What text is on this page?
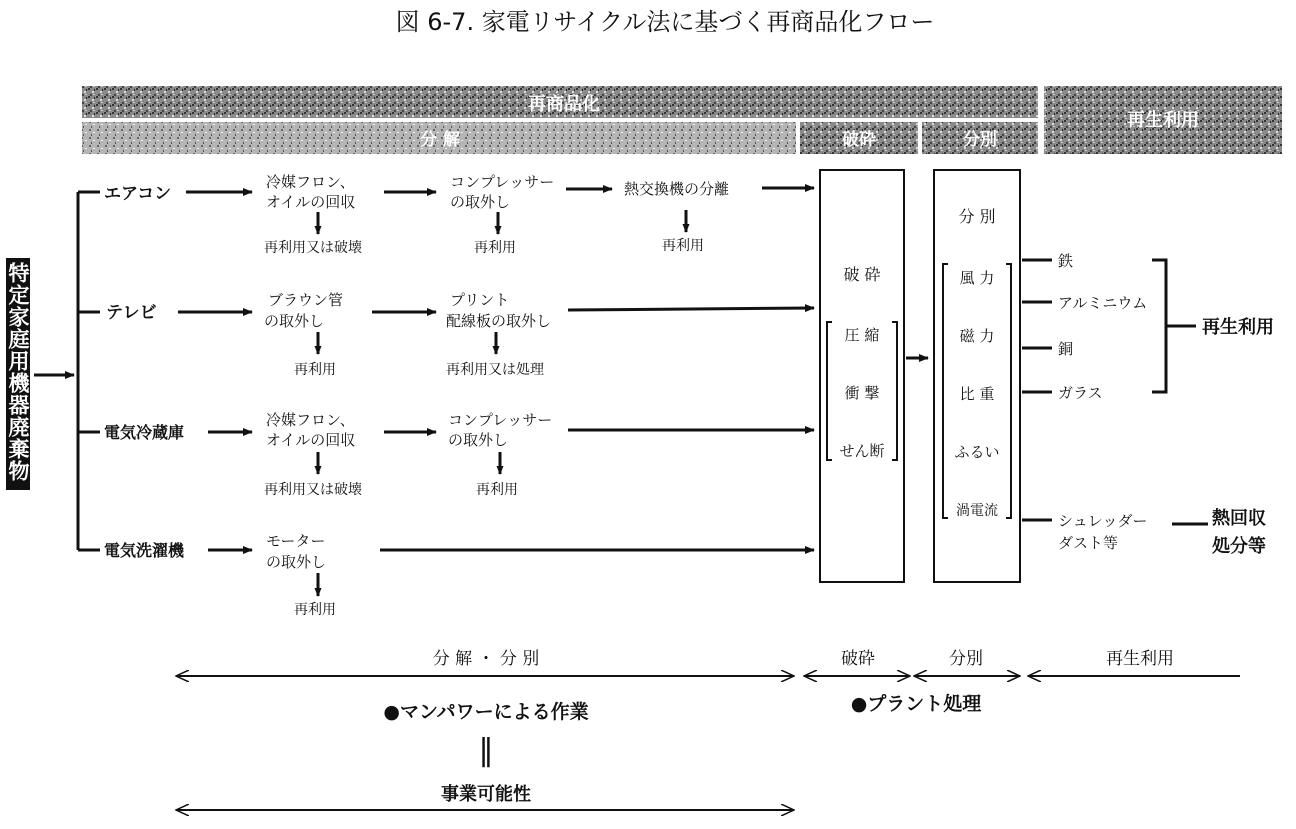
図 6-7. 家電リサイクル法に基づく再商品化フロー
再商品化
分 解	破砕	分別
再生利用
特定家庭用機器廃棄物
エアコン
冷媒フロン、
オイルの回収
再利用又は破壊
コンプレッサー
の取外し
再利用
熱交換機の分離
再利用
テレビ
ブラウン管
の取外し
再利用
プリント
配線板の取外し
再利用又は処理
電気冷蔵庫
冷媒フロン、
オイルの回収
再利用又は破壊
コンプレッサー
の取外し
再利用
電気洗濯機	モーター
の取外し
再利用
破 砕
圧 縮
衝 撃
せん断
分 別
風 力
磁 力
比 重
ふるい
渦電流
鉄
アルミニウム
銅
ガラス
再生利用
シュレッダー
ダスト等
熱回収
処分等
分 解 ・ 分 別	破砕	分別	再生利用
●マンパワーによる作業	●プラント処理
‖
事業可能性
